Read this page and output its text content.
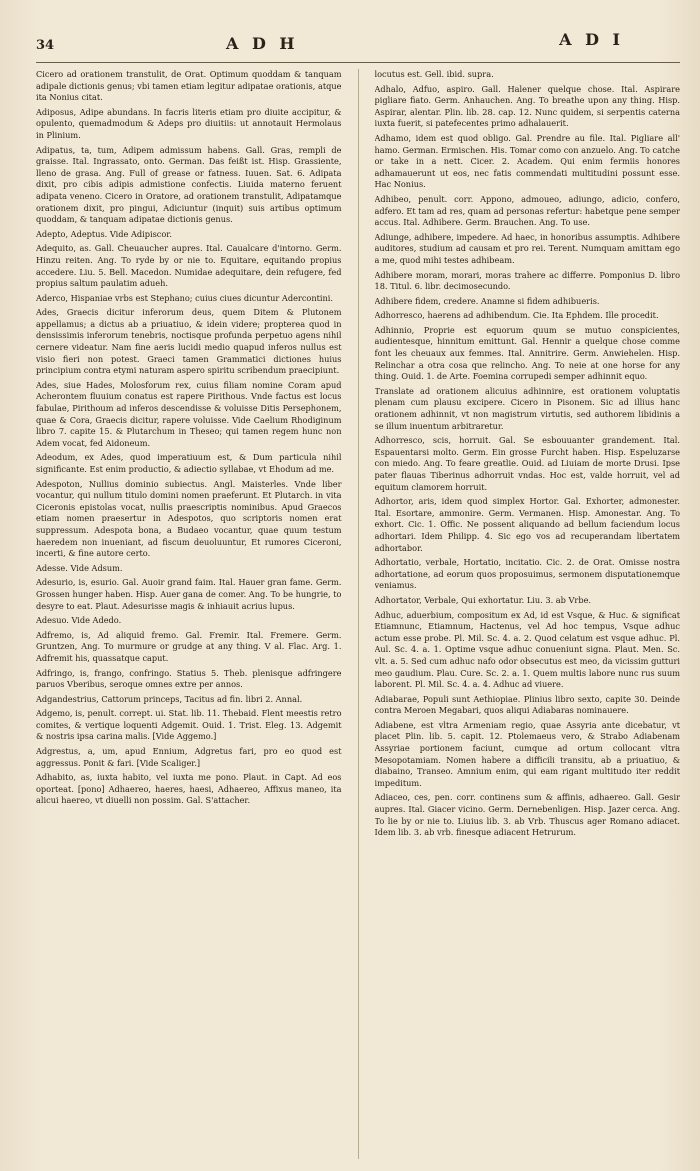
34	A D H	A D I

Cicero ad orationem transtulit, de Orat. Optimum quoddam & tanquam adipale dictionis genus; vbi tamen etiam legitur adipatae orationis, atque ita Nonius citat.

Adiposus, Adipe abundans. In facris literis etiam pro diuite accipitur, & opulento, quemadmodum & Adeps pro diuitiis: ut annotauit Hermolaus in Plinium.

Adipatus, ta, tum, Adipem admissum habens. Gall. Gras, rempli de graisse. Ital. Ingrassato, onto. German. Das feißt ist. Hisp. Grassiente, lleno de grasa. Ang. Full of grease or fatness. Iuuen. Sat. 6. Adipata dixit, pro cibis adipis admistione confectis. Liuida materno feruent adipata veneno. Cicero in Oratore, ad orationem transtulit, Adipatamque orationem dixit, pro pingui, Adiciuntur (inquit) suis artibus optimum quoddam, & tanquam adipatae dictionis genus.

Adepto, Adeptus. Vide Adipiscor.

Adequito, as. Gall. Cheuaucher aupres. Ital. Caualcare d'intorno. Germ. Hinzu reiten. Ang. To ryde by or nie to. Equitare, equitando propius accedere. Liu. 5. Bell. Macedon. Numidae adequitare, dein refugere, fed propius saltum paulatim adueh.

Aderco, Hispaniae vrbs est Stephano; cuius ciues dicuntur Adercontini.

Ades, Graecis dicitur inferorum deus, quem Ditem & Plutonem appellamus; a dictus ab a priuatiuo, & idein videre; propterea quod in densissimis inferorum tenebris, noctisque profunda perpetuo agens nihil cernere videatur. Nam fine aeris lucidi medio quapud inferos nullus est visio fieri non potest. Graeci tamen Grammatici dictiones huius principium contra etymi naturam aspero spiritu scribendum praecipiunt.

Ades, siue Hades, Molosforum rex, cuius filiam nomine Coram apud Acherontem fluuium conatus est rapere Pirithous. Vnde factus est locus fabulae, Pirithoum ad inferos descendisse & voluisse Ditis Persephonem, quae & Cora, Graecis dicitur, rapere voluisse. Vide Caelium Rhodiginum libro 7. capite 15. & Plutarchum in Theseo; qui tamen regem hunc non Adem vocat, fed Aidoneum.

Adeodum, ex Ades, quod imperatiuum est, & Dum particula nihil significante. Est enim productio, & adiectio syllabae, vt Ehodum ad me.

Adespoton, Nullius dominio subiectus. Angl. Maisterles. Vnde liber vocantur, qui nullum titulo domini nomen praeferunt. Et Plutarch. in vita Ciceronis epistolas vocat, nullis praescriptis nominibus. Apud Graecos etiam nomen praesertur in Adespotos, quo scriptoris nomen erat suppressum. Adespota bona, a Budaeo vocantur, quae quum testum haeredem non inueniant, ad fiscum deuoluuntur, Et rumores Ciceroni, incerti, & fine autore certo.

Adesse. Vide Adsum.

Adesurio, is, esurio. Gal. Auoir grand faim. Ital. Hauer gran fame. Germ. Grossen hunger haben. Hisp. Auer gana de comer. Ang. To be hungrie, to desyre to eat. Plaut. Adesurisse magis & inhiauit acrius lupus.

Adesuo. Vide Adedo.

Adfremo, is, Ad aliquid fremo. Gal. Fremir. Ital. Fremere. Germ. Gruntzen, Ang. To murmure or grudge at any thing. V al. Flac. Arg. 1. Adfremit his, quassatque caput.

Adfringo, is, frango, confringo. Statius 5. Theb. plenisque adfringere paruos Vberibus, seroque omnes extre per annos.

Adgandestrius, Cattorum princeps, Tacitus ad fin. libri 2. Annal.

Adgemo, is, penult. corrept. ui. Stat. lib. 11. Thebaid. Flent meestis retro comites, & vertique loquenti Adgemit. Ouid. 1. Trist. Eleg. 13. Adgemit & nostris ipsa carina malis. [Vide Aggemo.]

Adgrestus, a, um, apud Ennium, Adgretus fari, pro eo quod est aggressus. Ponit & fari. [Vide Scaliger.]

Adhabito, as, iuxta habito, vel iuxta me pono. Plaut. in Capt. Ad eos oporteat. [pono] Adhaereo, haeres, haesi, Adhaereo, Affixus maneo, ita alicui haereo, vt diuelli non possim. Gal. S'attacher.

locutus est. Gell. ibid. supra.

Adhalo, Adfuo, aspiro. Gall. Halener quelque chose. Ital. Aspirare pigliare fiato. Germ. Anhauchen. Ang. To breathe upon any thing. Hisp. Aspirar, alentar. Plin. lib. 28. cap. 12. Nunc quidem, si serpentis caterna iuxta fuerit, si patefecentes primo adhalauerit.

Adhamo, idem est quod obligo. Gal. Prendre au file. Ital. Pigliare all' hamo. German. Ermischen. His. Tomar como con anzuelo. Ang. To catche or take in a nett. Cicer. 2. Academ. Qui enim fermiis honores adhamauerunt ut eos, nec fatis commendati multitudini possunt esse. Hac Nonius.

Adhibeo, penult. corr. Appono, admoueo, adiungo, adicio, confero, adfero. Et tam ad res, quam ad personas refertur: habetque pene semper accus. Ital. Adhibere. Germ. Brauchen. Ang. To use.

Adiunge, adhibere, impedere. Ad haec, in honoribus assumptis. Adhibere auditores, studium ad causam et pro rei. Terent. Numquam amittam ego a me, quod mihi testes adhibeam.

Adhibere moram, morari, moras trahere ac differre. Pomponius D. libro 18. Titul. 6. libr. decimosecundo.

Adhibere fidem, credere. Anamne si fidem adhibueris.

Adhorresco, haerens ad adhibendum. Cie. Ita Ephdem. Ille procedit.

Adhinnio, Proprie est equorum quum se mutuo conspicientes, audientesque, hinnitum emittunt. Gal. Hennir a quelque chose comme font les cheuaux aux femmes. Ital. Annitrire. Germ. Anwiehelen. Hisp. Relinchar a otra cosa que relincho. Ang. To neie at one horse for any thing. Ouid. 1. de Arte. Foemina corrupedi semper adhinnit equo.

Translate ad orationem alicuius adhinnire, est orationem voluptatis plenam cum plausu excipere. Cicero in Pisonem. Sic ad illius hanc orationem adhinnit, vt non magistrum virtutis, sed authorem libidinis a se illum inuentum arbitraretur.

Adhorresco, scis, horruit. Gal. Se esbouuanter grandement. Ital. Espauentarsi molto. Germ. Ein grosse Furcht haben. Hisp. Espeluzarse con miedo. Ang. To feare greatlie. Ouid. ad Liuiam de morte Drusi. Ipse pater flauas Tiberinus adhorruit vndas. Hoc est, valde horruit, vel ad equitum clamorem horruit.

Adhortor, aris, idem quod simplex Hortor. Gal. Exhorter, admonester. Ital. Esortare, ammonire. Germ. Vermanen. Hisp. Amonestar. Ang. To exhort. Cic. 1. Offic. Ne possent aliquando ad bellum faciendum locus adhortari. Idem Philipp. 4. Sic ego vos ad recuperandam libertatem adhortabor.

Adhortatio, verbale, Hortatio, incitatio. Cic. 2. de Orat. Omisse nostra adhortatione, ad eorum quos proposuimus, sermonem disputationemque veniamus.

Adhortator, Verbale, Qui exhortatur. Liu. 3. ab Vrbe.

Adhuc, aduerbium, compositum ex Ad, id est Vsque, & Huc. & significat Etiamnunc, Etiamnum, Hactenus, vel Ad hoc tempus, Vsque adhuc actum esse probe. Pl. Mil. Sc. 4. a. 2. Quod celatum est vsque adhuc. Pl. Aul. Sc. 4. a. 1. Optime vsque adhuc conueniunt signa. Plaut. Men. Sc. vlt. a. 5. Sed cum adhuc nafo odor obsecutus est meo, da vicissim gutturi meo gaudium. Plau. Cure. Sc. 2. a. 1. Quem multis labore nunc rus suum laborent. Pl. Mil. Sc. 4. a. 4. Adhuc ad viuere.

Adiabarae, Populi sunt Aethiopiae. Plinius libro sexto, capite 30. Deinde contra Meroen Megabari, quos aliqui Adiabaras nominauere.

Adiabene, est vltra Armeniam regio, quae Assyria ante dicebatur, vt placet Plin. lib. 5. capit. 12. Ptolemaeus vero, & Strabo Adiabenam Assyriae portionem faciunt, cumque ad ortum collocant vltra Mesopotamiam. Nomen habere a difficili transitu, ab a priuatiuo, & diabaino, Transeo. Amnium enim, qui eam rigant multitudo iter reddit impeditum.

Adiaceo, ces, pen. corr. continens sum & affinis, adhaereo. Gall. Gesir aupres. Ital. Giacer vicino. Germ. Dernebenligen. Hisp. Jazer cerca. Ang. To lie by or nie to. Liuius lib. 3. ab Vrb. Thuscus ager Romano adiacet. Idem lib. 3. ab vrb. finesque adiacent Hetrurum.
